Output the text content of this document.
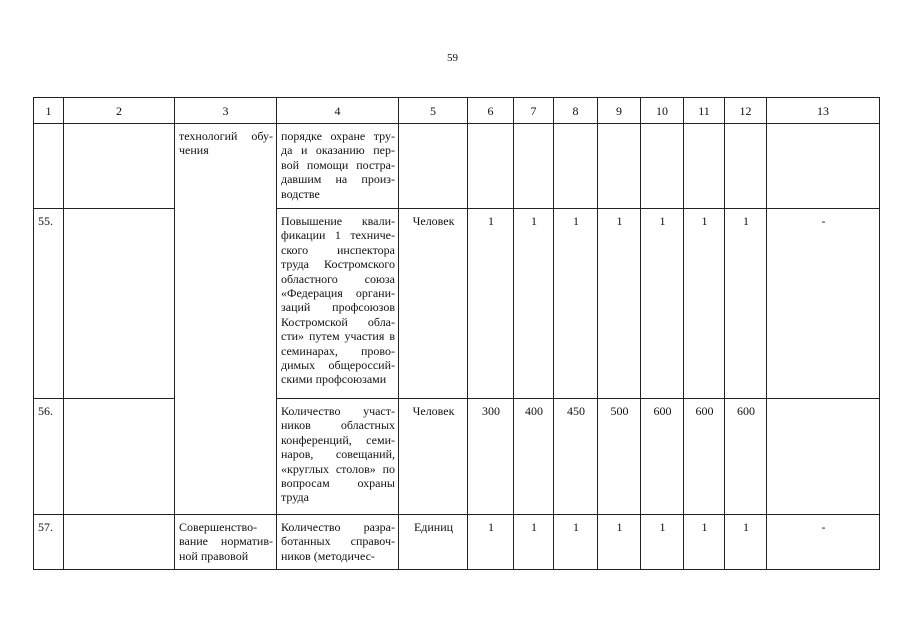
59
1	2	3	4	5	6	7	8	9	10	11	12	13
		технологий обу-чения	порядке охране тру-да и оказанию пер-вой помощи постра-давшим на произ-водстве									
55.			Повышение квали-фикации 1 техниче-ского инспектора труда Костромского областного союза «Федерация органи-заций профсоюзов Костромской обла-сти» путем участия в семинарах, прово-димых общероссий-скими профсоюзами	Человек	1	1	1	1	1	1	1	-
56.			Количество участ-ников областных конференций, семи-наров, совещаний, «круглых столов» по вопросам охраны труда	Человек	300	400	450	500	600	600	600	
57.		Совершенство-вание норматив-ной правовой	Количество разра-ботанных справоч-ников (методичес-	Единиц	1	1	1	1	1	1	1	-
